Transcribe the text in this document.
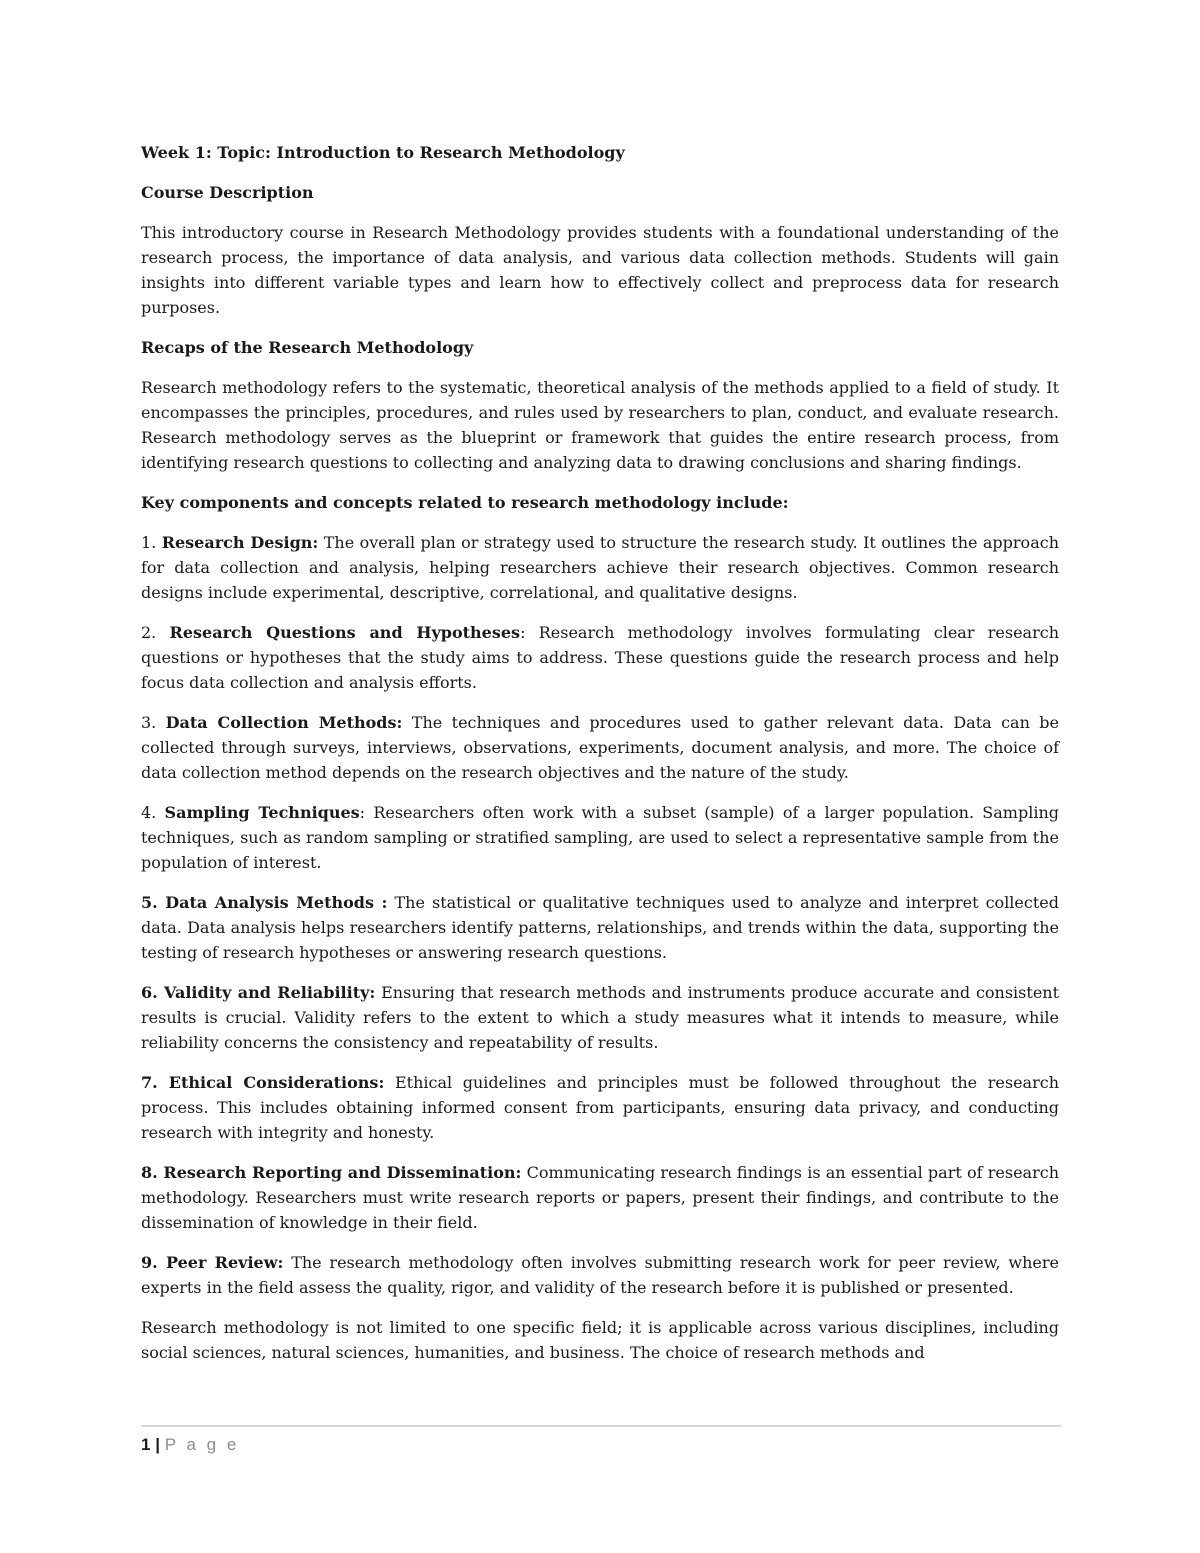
Week 1: Topic: Introduction to Research Methodology
Course Description

This introductory course in Research Methodology provides students with a foundational understanding of the research process, the importance of data analysis, and various data collection methods. Students will gain insights into different variable types and learn how to effectively collect and preprocess data for research purposes.

Recaps of the Research Methodology

Research methodology refers to the systematic, theoretical analysis of the methods applied to a field of study. It encompasses the principles, procedures, and rules used by researchers to plan, conduct, and evaluate research. Research methodology serves as the blueprint or framework that guides the entire research process, from identifying research questions to collecting and analyzing data to drawing conclusions and sharing findings.

Key components and concepts related to research methodology include:

1. Research Design: The overall plan or strategy used to structure the research study. It outlines the approach for data collection and analysis, helping researchers achieve their research objectives. Common research designs include experimental, descriptive, correlational, and qualitative designs.

2. Research Questions and Hypotheses: Research methodology involves formulating clear research questions or hypotheses that the study aims to address. These questions guide the research process and help focus data collection and analysis efforts.

3. Data Collection Methods: The techniques and procedures used to gather relevant data. Data can be collected through surveys, interviews, observations, experiments, document analysis, and more. The choice of data collection method depends on the research objectives and the nature of the study.

4. Sampling Techniques: Researchers often work with a subset (sample) of a larger population. Sampling techniques, such as random sampling or stratified sampling, are used to select a representative sample from the population of interest.

5. Data Analysis Methods : The statistical or qualitative techniques used to analyze and interpret collected data. Data analysis helps researchers identify patterns, relationships, and trends within the data, supporting the testing of research hypotheses or answering research questions.

6. Validity and Reliability: Ensuring that research methods and instruments produce accurate and consistent results is crucial. Validity refers to the extent to which a study measures what it intends to measure, while reliability concerns the consistency and repeatability of results.

7. Ethical Considerations: Ethical guidelines and principles must be followed throughout the research process. This includes obtaining informed consent from participants, ensuring data privacy, and conducting research with integrity and honesty.

8. Research Reporting and Dissemination: Communicating research findings is an essential part of research methodology. Researchers must write research reports or papers, present their findings, and contribute to the dissemination of knowledge in their field.

9. Peer Review: The research methodology often involves submitting research work for peer review, where experts in the field assess the quality, rigor, and validity of the research before it is published or presented.

Research methodology is not limited to one specific field; it is applicable across various disciplines, including social sciences, natural sciences, humanities, and business. The choice of research methods and

1 | P a g e
